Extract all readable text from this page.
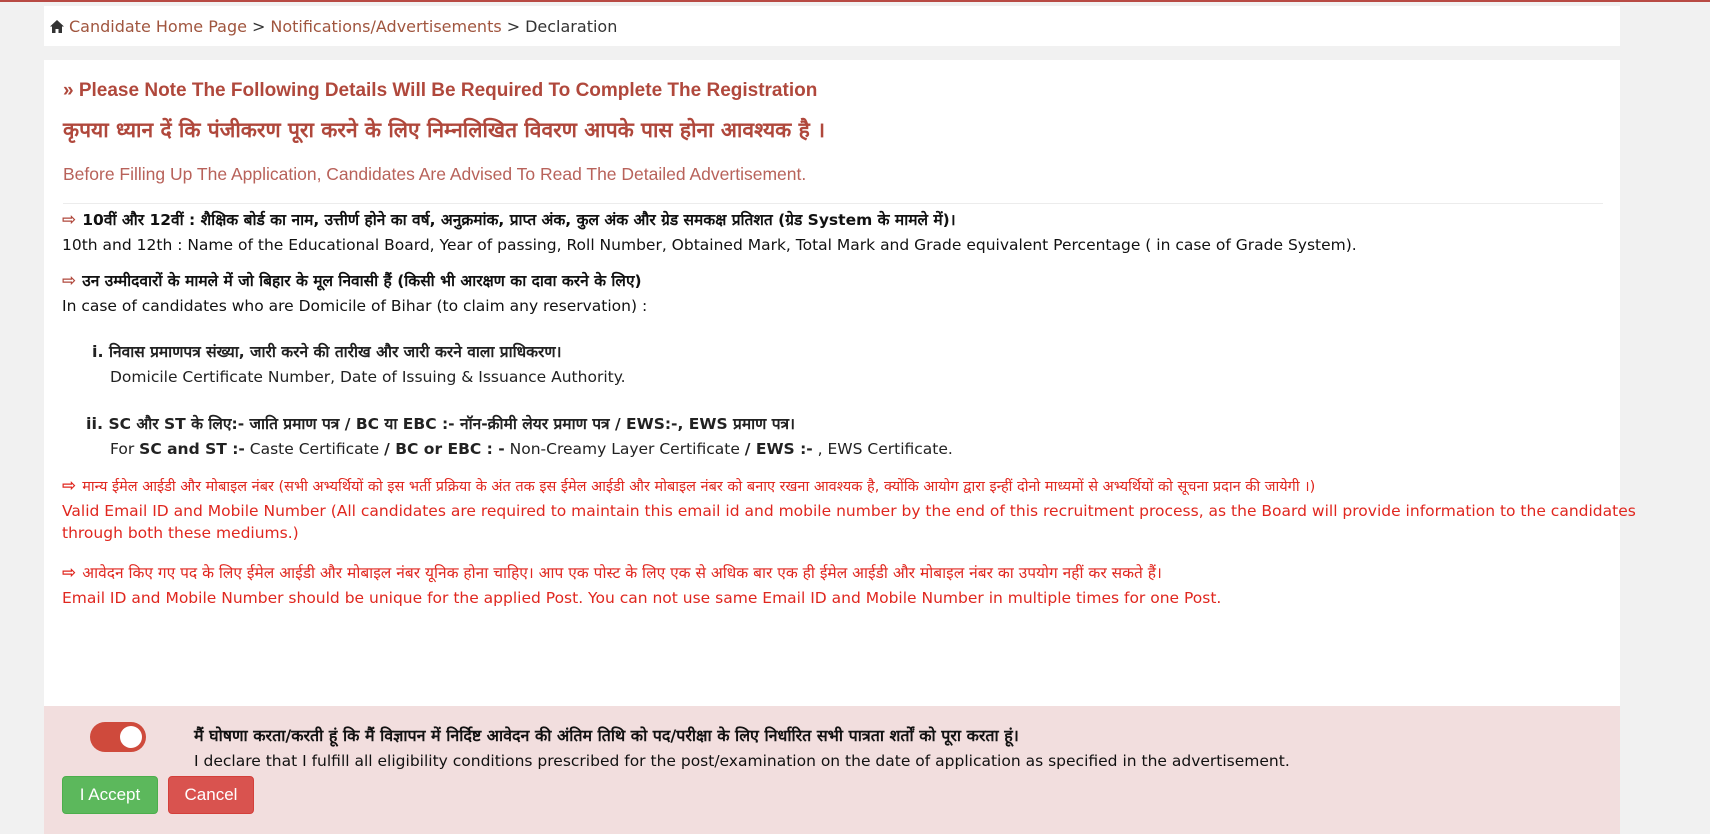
Candidate Home Page > Notifications/Advertisements > Declaration
» Please Note The Following Details Will Be Required To Complete The Registration
कृपया ध्यान दें कि पंजीकरण पूरा करने के लिए निम्नलिखित विवरण आपके पास होना आवश्यक है ।
Before Filling Up The Application, Candidates Are Advised To Read The Detailed Advertisement.
⇨ 10वीं और 12वीं : शैक्षिक बोर्ड का नाम, उत्तीर्ण होने का वर्ष, अनुक्रमांक, प्राप्त अंक, कुल अंक और ग्रेड समकक्ष प्रतिशत (ग्रेड System के मामले में)।
10th and 12th : Name of the Educational Board, Year of passing, Roll Number, Obtained Mark, Total Mark and Grade equivalent Percentage ( in case of Grade System).
⇨ उन उम्मीदवारों के मामले में जो बिहार के मूल निवासी हैं (किसी भी आरक्षण का दावा करने के लिए)
In case of candidates who are Domicile of Bihar (to claim any reservation) :
i. निवास प्रमाणपत्र संख्या, जारी करने की तारीख और जारी करने वाला प्राधिकरण।
Domicile Certificate Number, Date of Issuing & Issuance Authority.
ii. SC और ST के लिए:- जाति प्रमाण पत्र / BC या EBC :- नॉन-क्रीमी लेयर प्रमाण पत्र / EWS:-, EWS प्रमाण पत्र।
For SC and ST :- Caste Certificate / BC or EBC : - Non-Creamy Layer Certificate / EWS :- , EWS Certificate.
⇨ मान्य ईमेल आईडी और मोबाइल नंबर (सभी अभ्यर्थियों को इस भर्ती प्रक्रिया के अंत तक इस ईमेल आईडी और मोबाइल नंबर को बनाए रखना आवश्यक है, क्योंकि आयोग द्वारा इन्हीं दोनो माध्यमों से अभ्यर्थियों को सूचना प्रदान की जायेगी ।)
Valid Email ID and Mobile Number (All candidates are required to maintain this email id and mobile number by the end of this recruitment process, as the Board will provide information to the candidates
through both these mediums.)
⇨ आवेदन किए गए पद के लिए ईमेल आईडी और मोबाइल नंबर यूनिक होना चाहिए। आप एक पोस्ट के लिए एक से अधिक बार एक ही ईमेल आईडी और मोबाइल नंबर का उपयोग नहीं कर सकते हैं।
Email ID and Mobile Number should be unique for the applied Post. You can not use same Email ID and Mobile Number in multiple times for one Post.
मैं घोषणा करता/करती हूं कि मैं विज्ञापन में निर्दिष्ट आवेदन की अंतिम तिथि को पद/परीक्षा के लिए निर्धारित सभी पात्रता शर्तों को पूरा करता हूं।
I declare that I fulfill all eligibility conditions prescribed for the post/examination on the date of application as specified in the advertisement.
I Accept	Cancel
